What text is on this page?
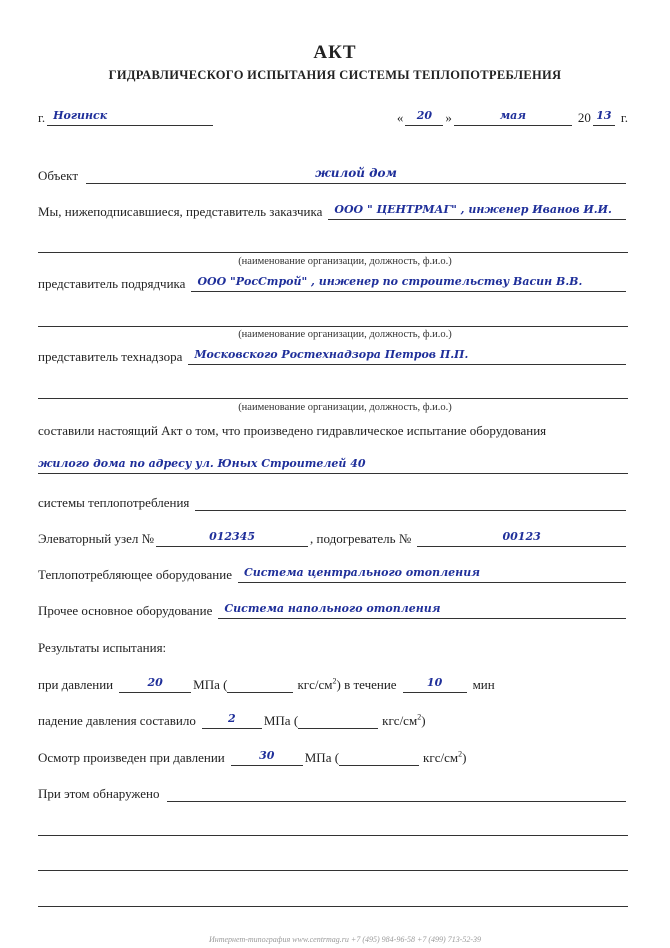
АКТ
ГИДРАВЛИЧЕСКОГО ИСПЫТАНИЯ СИСТЕМЫ ТЕПЛОПОТРЕБЛЕНИЯ
г. Ногинск	«	20	»	мая	20 13 г.
Объект	жилой дом
Мы, нижеподписавшиеся, представитель заказчика	ООО " ЦЕНТРМАГ" , инженер Иванов И.И.
(наименование организации, должность, ф.и.о.)
представитель подрядчика	ООО "РосСтрой" , инженер по строительству Васин В.В.
(наименование организации, должность, ф.и.о.)
представитель технадзора	Московского Ростехнадзора Петров П.П.
(наименование организации, должность, ф.и.о.)
составили настоящий Акт о том, что произведено гидравлическое испытание оборудования
жилого дома по адресу ул. Юных Строителей 40
системы теплопотребления
Элеваторный узел №	012345	, подогреватель №	00123
Теплопотребляющее оборудование	Система центрального отопления
Прочее основное оборудование	Система напольного отопления
Результаты испытания:
при давлении	20	МПа (	кгс/$см^2$) в течение	10	мин
падение давления составило	2	МПа (	кгс/$см^2$)
Осмотр произведен при давлении	30	МПа (	кгс/$см^2$)
При этом обнаружено
Интернет-типография www.centrmag.ru +7 (495) 984-96-58 +7 (499) 713-52-39
